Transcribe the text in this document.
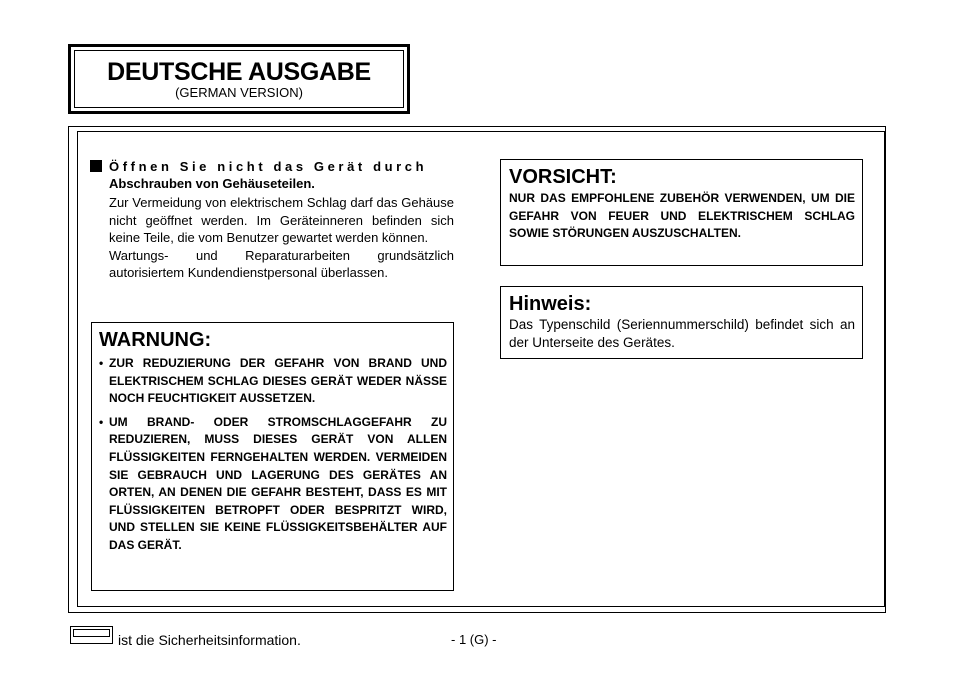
DEUTSCHE AUSGABE
(GERMAN VERSION)
Öffnen Sie nicht das Gerät durch
Abschrauben von Gehäuseteilen.

Zur Vermeidung von elektrischem Schlag darf das Gehäuse nicht geöffnet werden. Im Geräteinneren befinden sich keine Teile, die vom Benutzer gewartet werden können.

Wartungs- und Reparaturarbeiten grundsätzlich autorisiertem Kundendienstpersonal überlassen.

WARNUNG:
• ZUR REDUZIERUNG DER GEFAHR VON BRAND UND ELEKTRISCHEM SCHLAG DIESES GERÄT WEDER NÄSSE NOCH FEUCHTIGKEIT AUSSETZEN.
• UM BRAND- ODER STROMSCHLAGGEFAHR ZU REDUZIEREN, MUSS DIESES GERÄT VON ALLEN FLÜSSIGKEITEN FERNGEHALTEN WERDEN. VERMEIDEN SIE GEBRAUCH UND LAGERUNG DES GERÄTES AN ORTEN, AN DENEN DIE GEFAHR BESTEHT, DASS ES MIT FLÜSSIGKEITEN BETROPFT ODER BESPRITZT WIRD, UND STELLEN SIE KEINE FLÜSSIGKEITSBEHÄLTER AUF DAS GERÄT.
VORSICHT:
NUR DAS EMPFOHLENE ZUBEHÖR VERWENDEN, UM DIE GEFAHR VON FEUER UND ELEKTRISCHEM SCHLAG SOWIE STÖRUNGEN AUSZUSCHALTEN.
Hinweis:
Das Typenschild (Seriennummerschild) befindet sich an der Unterseite des Gerätes.
ist die Sicherheitsinformation.	- 1 (G) -
